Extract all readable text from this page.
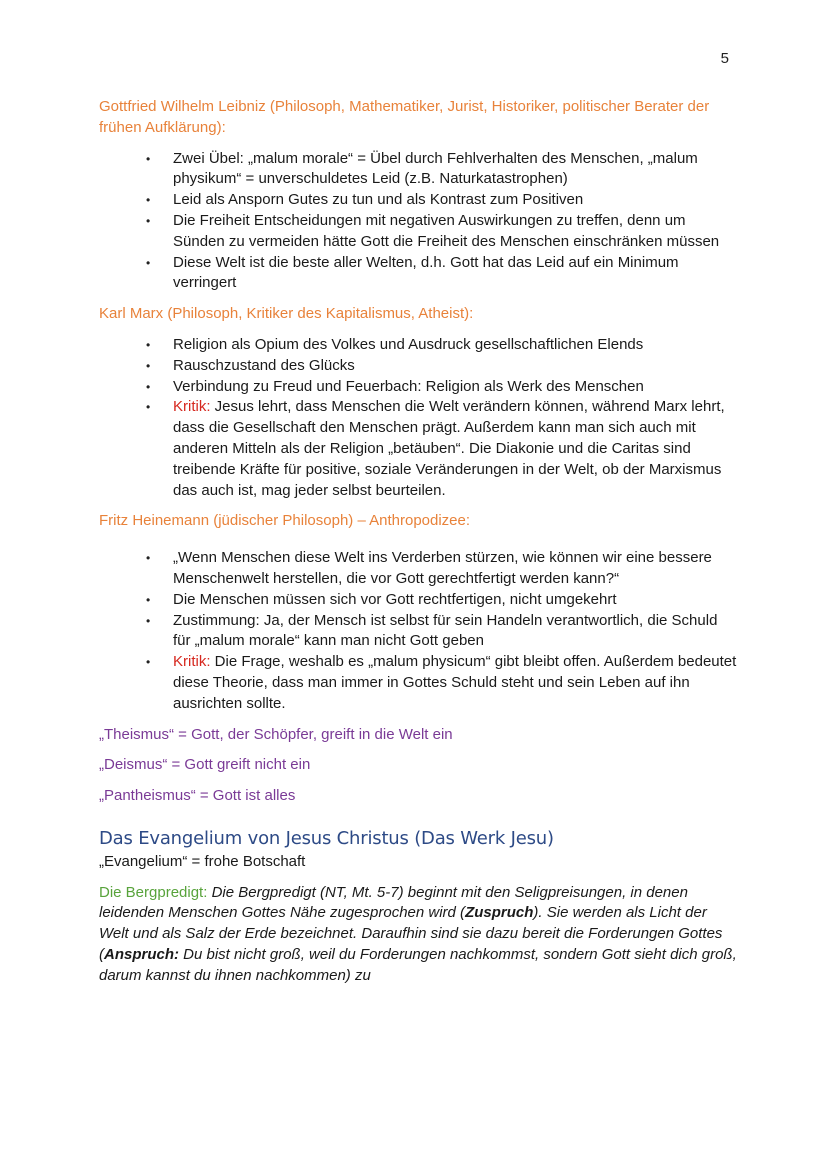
5

Gottfried Wilhelm Leibniz (Philosoph, Mathematiker, Jurist, Historiker, politischer Berater der frühen Aufklärung):

• Zwei Übel: „malum morale“ = Übel durch Fehlverhalten des Menschen, „malum physikum“ = unverschuldetes Leid (z.B. Naturkatastrophen)
• Leid als Ansporn Gutes zu tun und als Kontrast zum Positiven
• Die Freiheit Entscheidungen mit negativen Auswirkungen zu treffen, denn um Sünden zu vermeiden hätte Gott die Freiheit des Menschen einschränken müssen
• Diese Welt ist die beste aller Welten, d.h. Gott hat das Leid auf ein Minimum verringert

Karl Marx (Philosoph, Kritiker des Kapitalismus, Atheist):

• Religion als Opium des Volkes und Ausdruck gesellschaftlichen Elends
• Rauschzustand des Glücks
• Verbindung zu Freud und Feuerbach: Religion als Werk des Menschen
• Kritik: Jesus lehrt, dass Menschen die Welt verändern können, während Marx lehrt, dass die Gesellschaft den Menschen prägt. Außerdem kann man sich auch mit anderen Mitteln als der Religion „betäuben“. Die Diakonie und die Caritas sind treibende Kräfte für positive, soziale Veränderungen in der Welt, ob der Marxismus das auch ist, mag jeder selbst beurteilen.

Fritz Heinemann (jüdischer Philosoph) – Anthropodizee:

• „Wenn Menschen diese Welt ins Verderben stürzen, wie können wir eine bessere Menschenwelt herstellen, die vor Gott gerechtfertigt werden kann?“
• Die Menschen müssen sich vor Gott rechtfertigen, nicht umgekehrt
• Zustimmung: Ja, der Mensch ist selbst für sein Handeln verantwortlich, die Schuld für „malum morale“ kann man nicht Gott geben
• Kritik: Die Frage, weshalb es „malum physicum“ gibt bleibt offen. Außerdem bedeutet diese Theorie, dass man immer in Gottes Schuld steht und sein Leben auf ihn ausrichten sollte.

„Theismus“ = Gott, der Schöpfer, greift in die Welt ein

„Deismus“ = Gott greift nicht ein

„Pantheismus“ = Gott ist alles

Das Evangelium von Jesus Christus (Das Werk Jesu)

„Evangelium“ = frohe Botschaft

Die Bergpredigt: Die Bergpredigt (NT, Mt. 5-7) beginnt mit den Seligpreisungen, in denen leidenden Menschen Gottes Nähe zugesprochen wird (Zuspruch). Sie werden als Licht der Welt und als Salz der Erde bezeichnet. Daraufhin sind sie dazu bereit die Forderungen Gottes (Anspruch: Du bist nicht groß, weil du Forderungen nachkommst, sondern Gott sieht dich groß, darum kannst du ihnen nachkommen) zu
